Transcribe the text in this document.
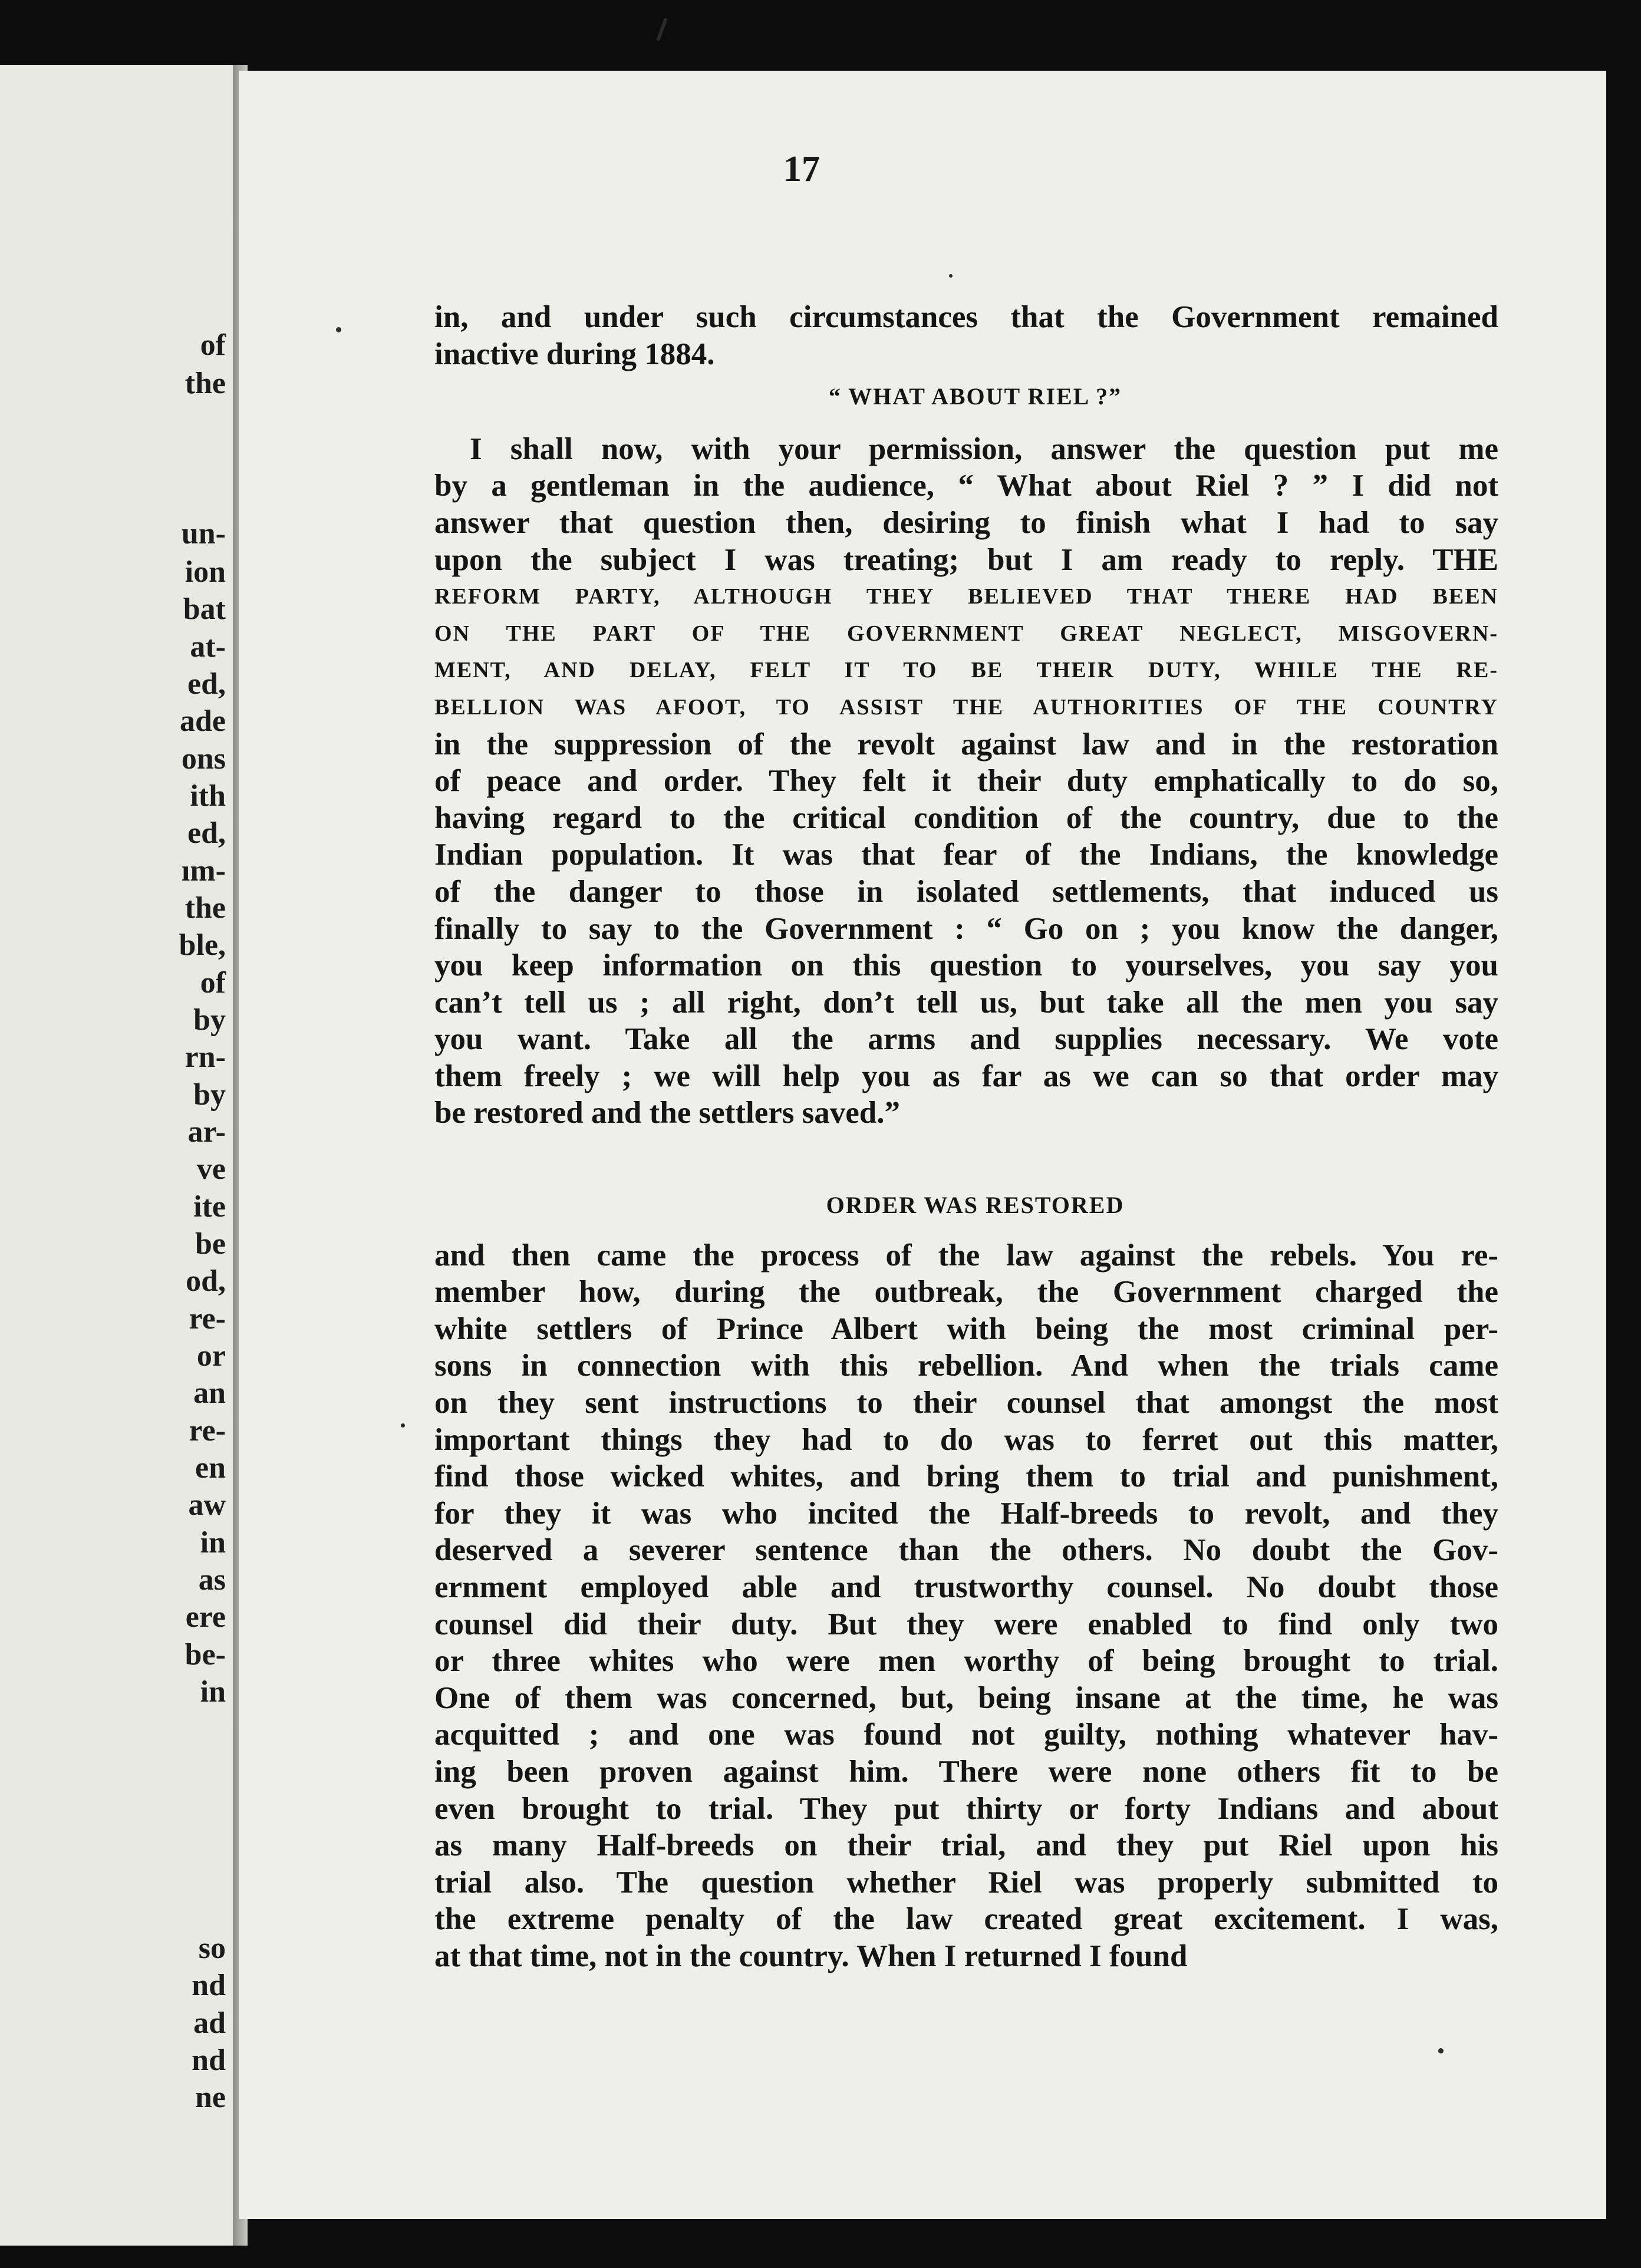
of

the

un-

ion

bat

at-

ed,

ade

ons

ith

ed,

ım-

the

ble,

of

by

rn-

by

ar-

ve

ite

be

od,

re-

or

an

re-

en

aw

in

as

ere

be-

in

so

nd

ad

nd

ne

17

in, and under such circumstances that the Government remained

inactive during 1884.

“ WHAT ABOUT RIEL ?”

I shall now, with your permission, answer the question put me

by a gentleman in the audience, “ What about Riel ? ” I did not

answer that question then, desiring to finish what I had to say

upon the subject I was treating; but I am ready to reply. THE

REFORM PARTY, ALTHOUGH THEY BELIEVED THAT THERE HAD BEEN

ON THE PART OF THE GOVERNMENT GREAT NEGLECT, MISGOVERN-

MENT, AND DELAY, FELT IT TO BE THEIR DUTY, WHILE THE RE-

BELLION WAS AFOOT, TO ASSIST THE AUTHORITIES OF THE COUNTRY

in the suppression of the revolt against law and in the restoration

of peace and order. They felt it their duty emphatically to do so,

having regard to the critical condition of the country, due to the

Indian population. It was that fear of the Indians, the knowledge

of the danger to those in isolated settlements, that induced us

finally to say to the Government : “ Go on ; you know the danger,

you keep information on this question to yourselves, you say you

can’t tell us ; all right, don’t tell us, but take all the men you say

you want. Take all the arms and supplies necessary. We vote

them freely ; we will help you as far as we can so that order may

be restored and the settlers saved.”

ORDER WAS RESTORED

and then came the process of the law against the rebels. You re-

member how, during the outbreak, the Government charged the

white settlers of Prince Albert with being the most criminal per-

sons in connection with this rebellion. And when the trials came

on they sent instructions to their counsel that amongst the most

important things they had to do was to ferret out this matter,

find those wicked whites, and bring them to trial and punishment,

for they it was who incited the Half-breeds to revolt, and they

deserved a severer sentence than the others. No doubt the Gov-

ernment employed able and trustworthy counsel. No doubt those

counsel did their duty. But they were enabled to find only two

or three whites who were men worthy of being brought to trial.

One of them was concerned, but, being insane at the time, he was

acquitted ; and one was found not guilty, nothing whatever hav-

ing been proven against him. There were none others fit to be

even brought to trial. They put thirty or forty Indians and about

as many Half-breeds on their trial, and they put Riel upon his

trial also. The question whether Riel was properly submitted to

the extreme penalty of the law created great excitement. I was,

at that time, not in the country. When I returned I found
